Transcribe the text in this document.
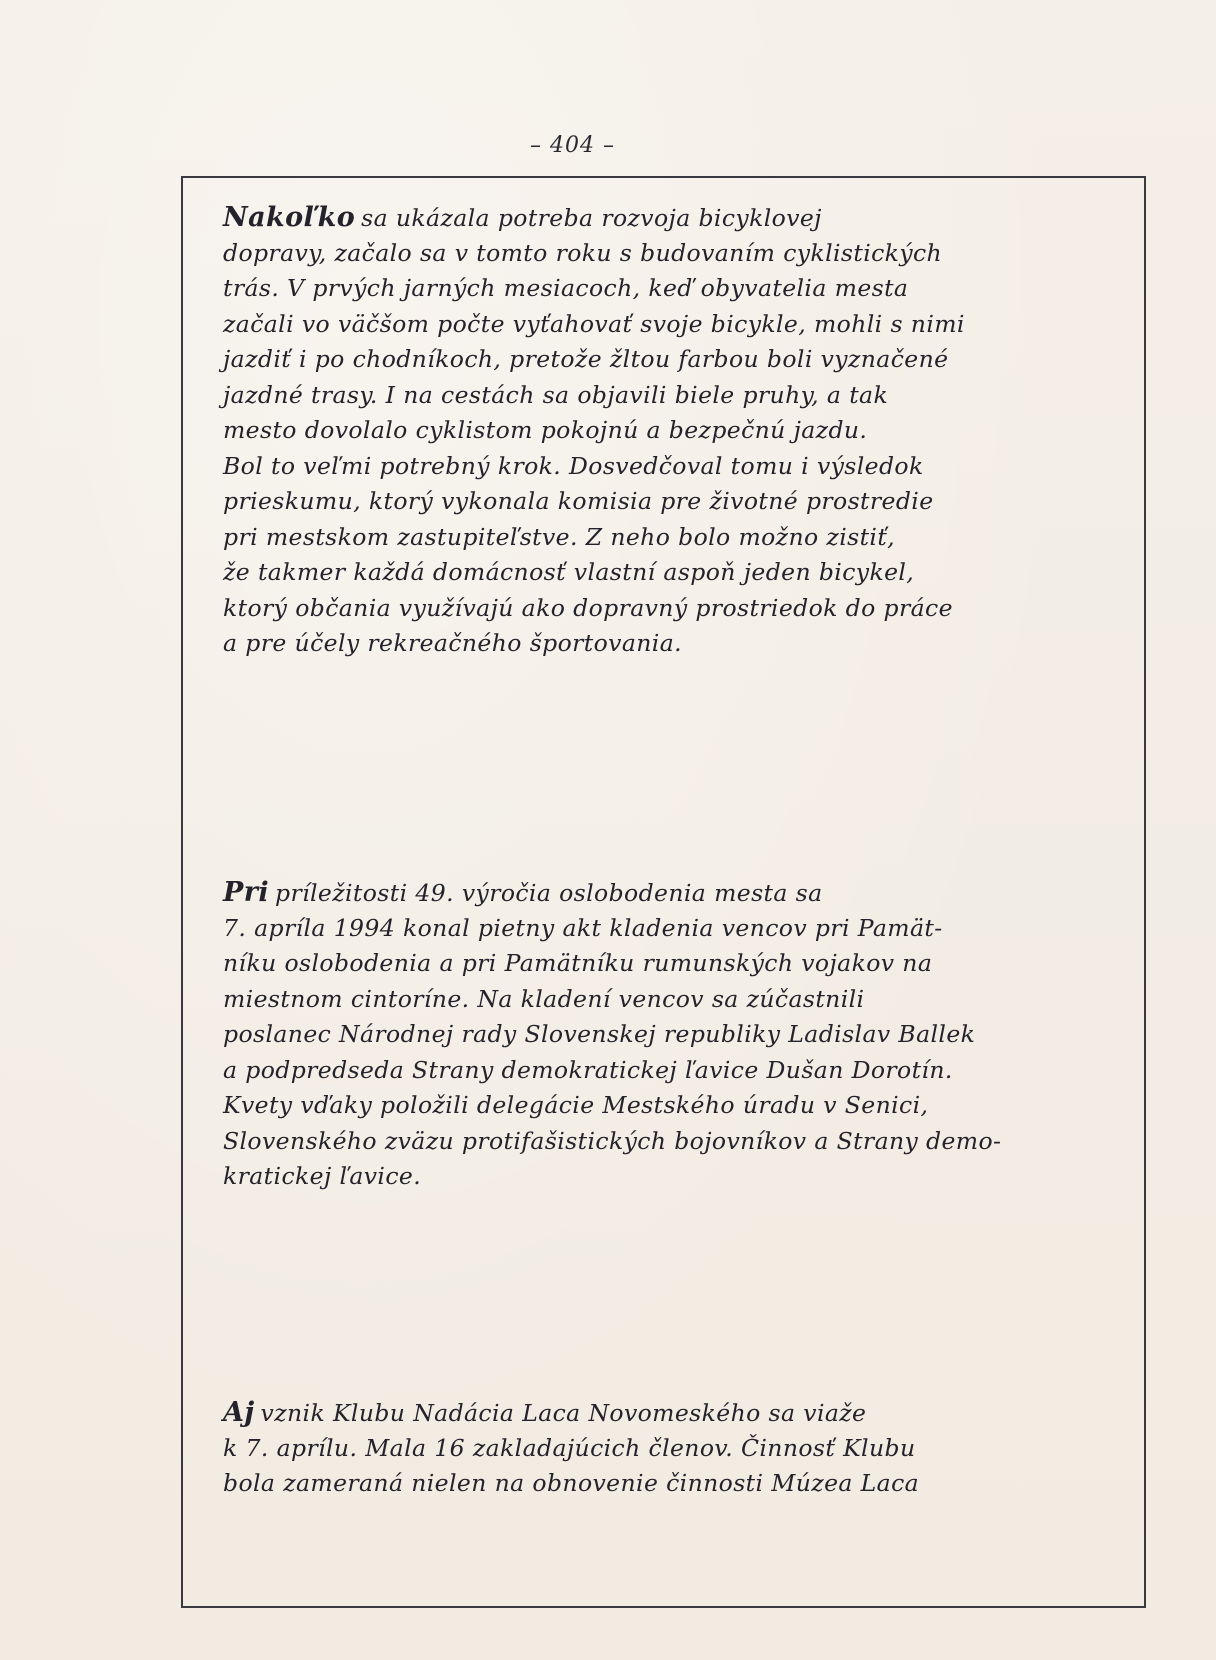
– 404 –
Nakoľko sa ukázala potreba rozvoja bicyklovej
dopravy, začalo sa v tomto roku s budovaním cyklistických
trás. V prvých jarných mesiacoch, keď obyvatelia mesta
začali vo väčšom počte vyťahovať svoje bicykle, mohli s nimi
jazdiť i po chodníkoch, pretože žltou farbou boli vyznačené
jazdné trasy. I na cestách sa objavili biele pruhy, a tak
mesto dovolalo cyklistom pokojnú a bezpečnú jazdu.
Bol to veľmi potrebný krok. Dosvedčoval tomu i výsledok
prieskumu, ktorý vykonala komisia pre životné prostredie
pri mestskom zastupiteľstve. Z neho bolo možno zistiť,
že takmer každá domácnosť vlastní aspoň jeden bicykel,
ktorý občania využívajú ako dopravný prostriedok do práce
a pre účely rekreačného športovania.
Pri príležitosti 49. výročia oslobodenia mesta sa
7. apríla 1994 konal pietny akt kladenia vencov pri Pamät-
níku oslobodenia a pri Pamätníku rumunských vojakov na
miestnom cintoríne. Na kladení vencov sa zúčastnili
poslanec Národnej rady Slovenskej republiky Ladislav Ballek
a podpredseda Strany demokratickej ľavice Dušan Dorotín.
Kvety vďaky položili delegácie Mestského úradu v Senici,
Slovenského zväzu protifašistických bojovníkov a Strany demo-
kratickej ľavice.
Aj vznik Klubu Nadácia Laca Novomeského sa viaže
k 7. aprílu. Mala 16 zakladajúcich členov. Činnosť Klubu
bola zameraná nielen na obnovenie činnosti Múzea Laca
